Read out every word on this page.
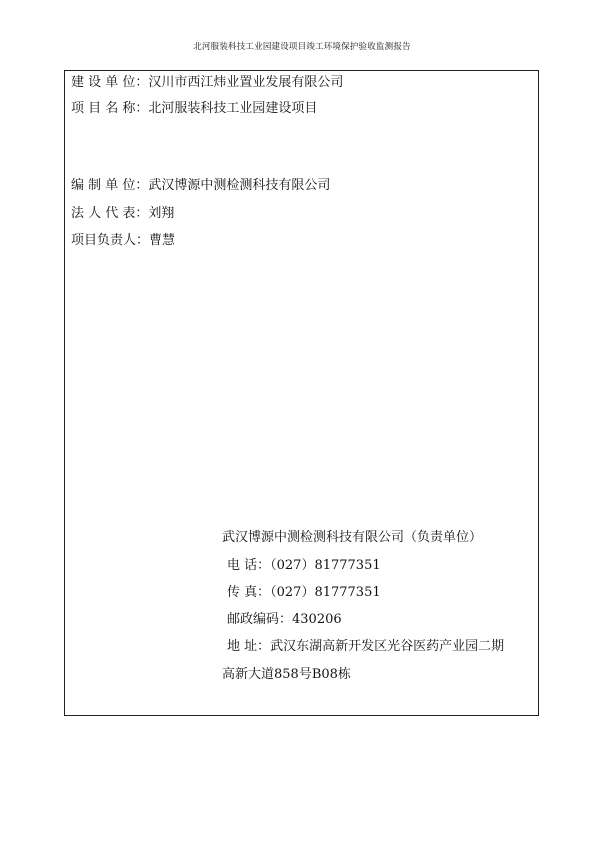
北河服装科技工业园建设项目竣工环境保护验收监测报告
建 设 单 位：汉川市西江炜业置业发展有限公司
项 目 名 称：北河服装科技工业园建设项目
编 制 单 位：武汉博源中测检测科技有限公司
法 人 代 表：刘翔
项目负责人：曹慧
武汉博源中测检测科技有限公司（负责单位）
电 话：（027）81777351
传 真：（027）81777351
邮政编码：430206
地 址：武汉东湖高新开发区光谷医药产业园二期
高新大道858号B08栋
